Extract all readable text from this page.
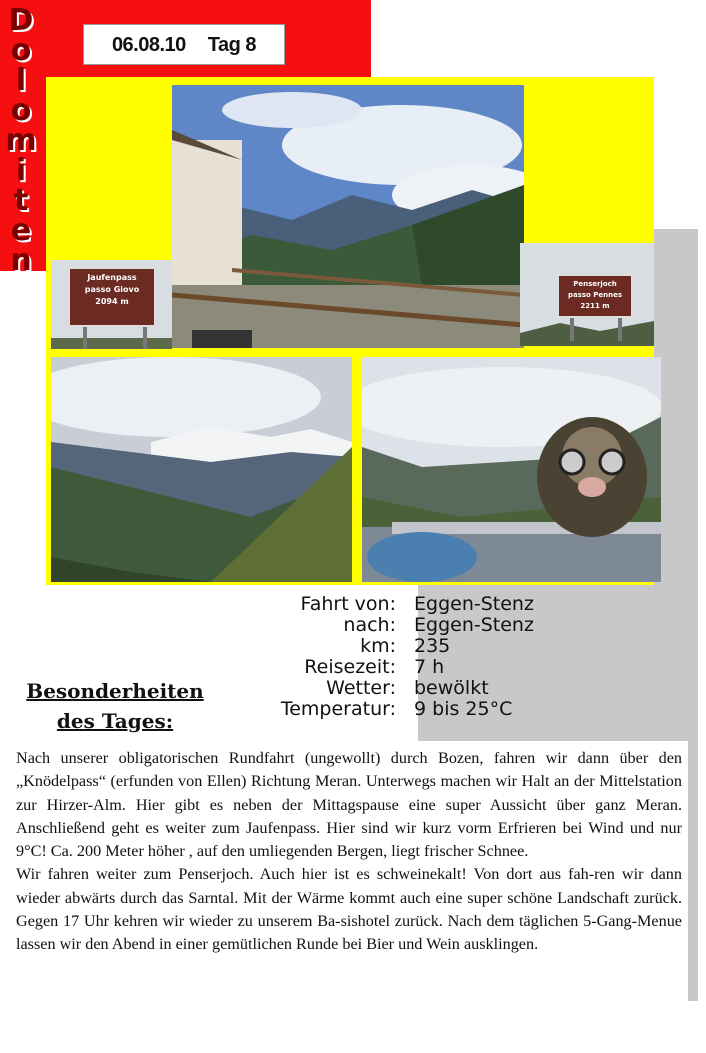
D
o
l
o
m
i
t
e
n
06.08.10 Tag 8
Jaufenpass
passo Giovo
2094 m
Penserjoch
passo Pennes
2211 m
Fahrt von: Eggen-Stenz
nach: Eggen-Stenz
km: 235
Reisezeit: 7 h
Wetter: bewölkt
Temperatur: 9 bis 25°C
Besonderheiten
des Tages:

Nach unserer obligatorischen Rundfahrt (ungewollt) durch Bozen, fahren wir dann über den „Knödelpass“ (erfunden von Ellen) Richtung Meran. Unterwegs machen wir Halt an der Mittelstation zur Hirzer-Alm. Hier gibt es neben der Mittagspause eine super Aussicht über ganz Meran. Anschließend geht es weiter zum Jaufenpass. Hier sind wir kurz vorm Erfrieren bei Wind und nur 9°C! Ca. 200 Meter höher , auf den umliegenden Bergen, liegt frischer Schnee.

Wir fahren weiter zum Penserjoch. Auch hier ist es schweinekalt! Von dort aus fah-ren wir dann wieder abwärts durch das Sarntal. Mit der Wärme kommt auch eine super schöne Landschaft zurück. Gegen 17 Uhr kehren wir wieder zu unserem Ba-sishotel zurück. Nach dem täglichen 5-Gang-Menue lassen wir den Abend in einer gemütlichen Runde bei Bier und Wein ausklingen.
